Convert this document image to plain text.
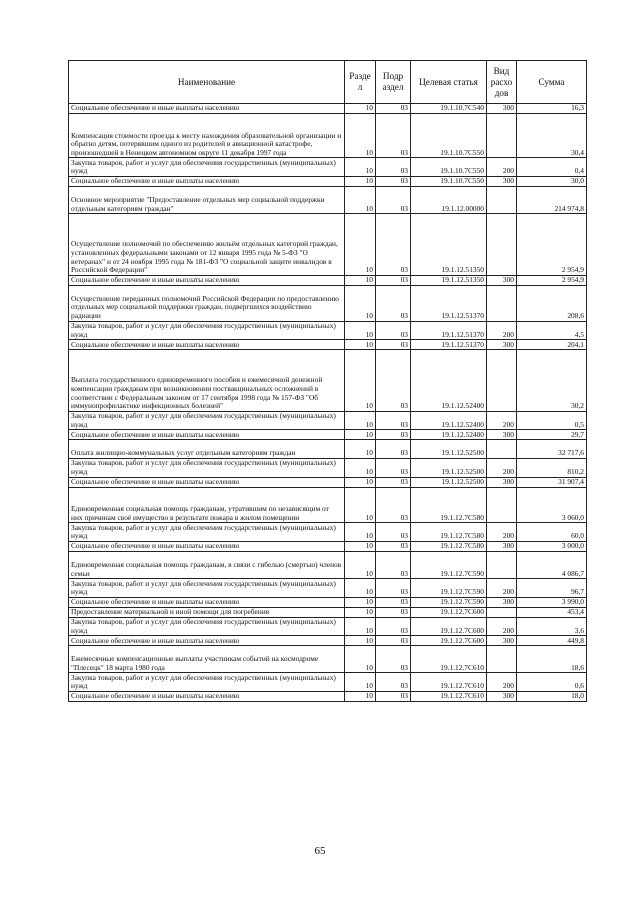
Наименование	Разде л	Подр аздел	Целевая статья	Вид расхо дов	Сумма
Социальное обеспечение и иные выплаты населению	10	03	19.1.10.7С540	300	16,3
Компенсация стоимости проезда к месту нахождения образовательной организации и обратно детям, потерявшим одного из родителей в авиационной катастрофе, произошедшей в Ненецком автономном округе 11 декабря 1997 года	10	03	19.1.10.7С550		30,4
Закупка товаров, работ и услуг для обеспечения государственных (муниципальных) нужд	10	03	19.1.10.7С550	200	0,4
Социальное обеспечение и иные выплаты населению	10	03	19.1.10.7С550	300	30,0
Основное мероприятие "Предоставление отдельных мер социальной поддержки отдельным категориям граждан"	10	03	19.1.12.00000		214 974,8
Осуществление полномочий по обеспечению жильём отдельных категорий граждан, установленных федеральными законами от 12 января 1995 года № 5-ФЗ "О ветеранах" и от 24 ноября 1995 года № 181-ФЗ "О социальной защите инвалидов в Российской Федерации"	10	03	19.1.12.51350		2 954,9
Социальное обеспечение и иные выплаты населению	10	03	19.1.12.51350	300	2 954,9
Осуществление переданных полномочий Российской Федерации по предоставлению отдельных мер социальной поддержки граждан, подвергшихся воздействию радиации	10	03	19.1.12.51370		208,6
Закупка товаров, работ и услуг для обеспечения государственных (муниципальных) нужд	10	03	19.1.12.51370	200	4,5
Социальное обеспечение и иные выплаты населению	10	03	19.1.12.51370	300	204,1
Выплата государственного единовременного пособия и ежемесячной денежной компенсации гражданам при возникновении поствакцинальных осложнений в соответствии с Федеральным законом от 17 сентября 1998 года № 157-ФЗ "Об иммунопрофилактике инфекционных болезней"	10	03	19.1.12.52400		30,2
Закупка товаров, работ и услуг для обеспечения государственных (муниципальных) нужд	10	03	19.1.12.52400	200	0,5
Социальное обеспечение и иные выплаты населению	10	03	19.1.12.52400	300	29,7
Оплата жилищно-коммунальных услуг отдельным категориям граждан	10	03	19.1.12.52500		32 717,6
Закупка товаров, работ и услуг для обеспечения государственных (муниципальных) нужд	10	03	19.1.12.52500	200	810,2
Социальное обеспечение и иные выплаты населению	10	03	19.1.12.52500	300	31 907,4
Единовременная социальная помощь гражданам, утратившим по независящим от них причинам своё имущество в результате пожара в жилом помещении	10	03	19.1.12.7С580		3 060,0
Закупка товаров, работ и услуг для обеспечения государственных (муниципальных) нужд	10	03	19.1.12.7С580	200	60,0
Социальное обеспечение и иные выплаты населению	10	03	19.1.12.7С580	300	3 000,0
Единовременная социальная помощь гражданам, в связи с гибелью (смертью) членов семьи	10	03	19.1.12.7С590		4 086,7
Закупка товаров, работ и услуг для обеспечения государственных (муниципальных) нужд	10	03	19.1.12.7С590	200	96,7
Социальное обеспечение и иные выплаты населению	10	03	19.1.12.7С590	300	3 990,0
Предоставление материальной и иной помощи для погребения	10	03	19.1.12.7С600		453,4
Закупка товаров, работ и услуг для обеспечения государственных (муниципальных) нужд	10	03	19.1.12.7С600	200	3,6
Социальное обеспечение и иные выплаты населению	10	03	19.1.12.7С600	300	449,8
Ежемесячные компенсационные выплаты участникам событий на космодроме "Плесецк" 18 марта 1980 года	10	03	19.1.12.7С610		18,6
Закупка товаров, работ и услуг для обеспечения государственных (муниципальных) нужд	10	03	19.1.12.7С610	200	0,6
Социальное обеспечение и иные выплаты населению	10	03	19.1.12.7С610	300	18,0
65
